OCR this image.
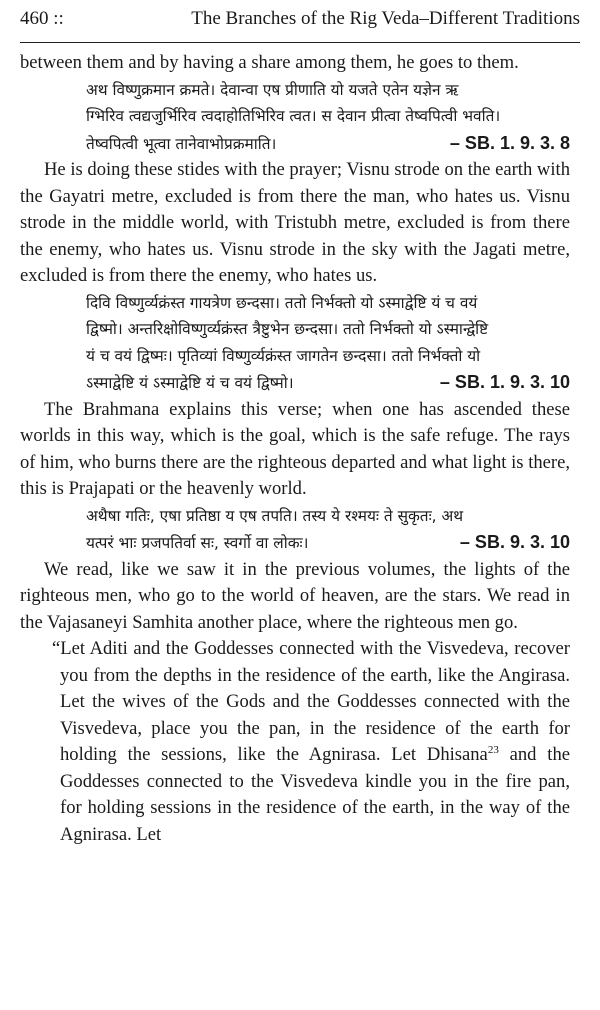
460 ::	The Branches of the Rig Veda–Different Traditions

between them and by having a share among them, he goes to them.

अथ विष्णुक्रमान क्रमते। देवान्वा एष प्रीणाति यो यजते एतेन यज्ञेन ऋ
ग्भिरिव त्वद्यजुर्भिरिव त्वदाहोतिभिरिव त्वत। स देवान प्रीत्वा तेष्वपित्वी भवति।
तेष्वपित्वी भूत्वा तानेवाभोप्रक्रमाति।	– SB. 1. 9. 3. 8

He is doing these stides with the prayer; Visnu strode on the earth with the Gayatri metre, excluded is from there the man, who hates us. Visnu strode in the middle world, with Tristubh metre, excluded is from there the enemy, who hates us. Visnu strode in the sky with the Jagati metre, excluded is from there the enemy, who hates us.

दिवि विष्णुर्व्यक्रंस्त गायत्रेण छन्दसा। ततो निर्भक्तो यो ऽस्माद्वेष्टि यं च वयं
द्विष्मो। अन्तरिक्षोविष्णुर्व्यक्रंस्त त्रैष्टुभेन छन्दसा। ततो निर्भक्तो यो ऽस्मान्द्वेष्टि
यं च वयं द्विष्मः। पृतिव्यां विष्णुर्व्यक्रंस्त जागतेन छन्दसा। ततो निर्भक्तो यो
ऽस्माद्वेष्टि यं ऽस्माद्वेष्टि यं च वयं द्विष्मो।	– SB. 1. 9. 3. 10

The Brahmana explains this verse; when one has ascended these worlds in this way, which is the goal, which is the safe refuge. The rays of him, who burns there are the righteous departed and what light is there, this is Prajapati or the heavenly world.

अथैषा गतिः, एषा प्रतिष्ठा य एष तपति। तस्य ये रश्मयः ते सुकृतः, अथ
यत्परं भाः प्रजपतिर्वा सः, स्वर्गो वा लोकः।	– SB. 9. 3. 10

We read, like we saw it in the previous volumes, the lights of the righteous men, who go to the world of heaven, are the stars. We read in the Vajasaneyi Samhita another place, where the righteous men go.

“Let Aditi and the Goddesses connected with the Visvedeva, recover you from the depths in the residence of the earth, like the Angirasa. Let the wives of the Gods and the Goddesses connected with the Visvedeva, place you the pan, in the residence of the earth for holding the sessions, like the Agnirasa. Let Dhisana$^{23}$ and the Goddesses connected to the Visvedeva kindle you in the fire pan, for holding sessions in the residence of the earth, in the way of the Agnirasa. Let
